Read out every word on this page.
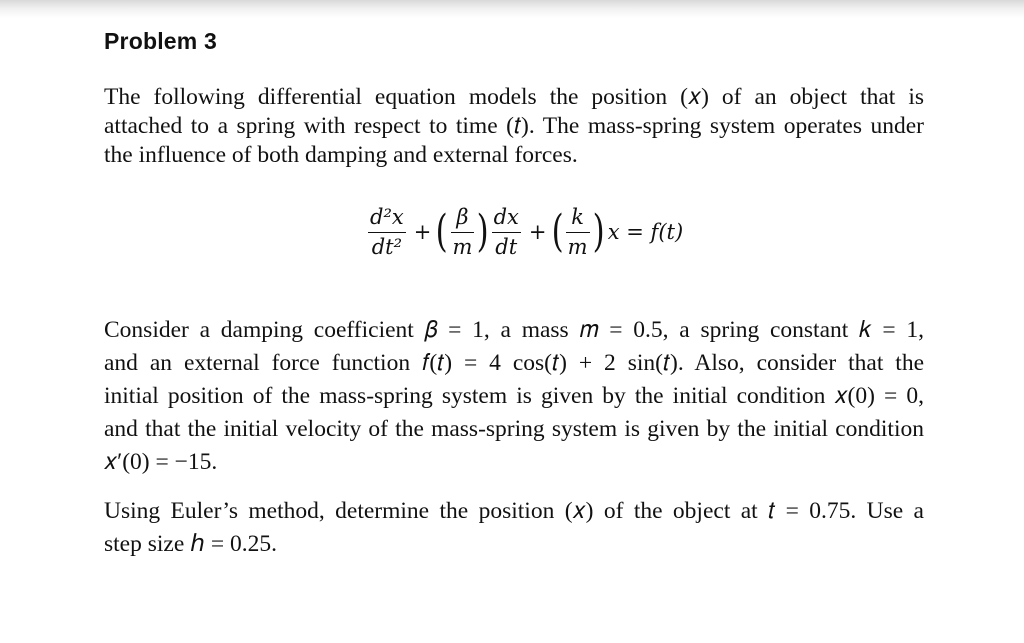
Problem 3
The following differential equation models the position (𝑥) of an object that is
attached to a spring with respect to time (𝑡). The mass-spring system operates under
the influence of both damping and external forces.
$\frac{\text{d²x}}{\text{dt²}}$ + ( $\frac{\beta}{m}$ ) $\frac{dx}{dt}$ + ( $\frac{k}{m}$ ) x = f(t)
Consider a damping coefficient 𝛽 = 1, a mass 𝑚 = 0.5, a spring constant 𝑘 = 1,
and an external force function 𝑓(𝑡) = 4 cos(𝑡) + 2 sin(𝑡). Also, consider that the
initial position of the mass-spring system is given by the initial condition 𝑥(0) = 0,
and that the initial velocity of the mass-spring system is given by the initial condition
𝑥′(0) = −15.
Using Euler’s method, determine the position (𝑥) of the object at 𝑡 = 0.75. Use a
step size ℎ = 0.25.
